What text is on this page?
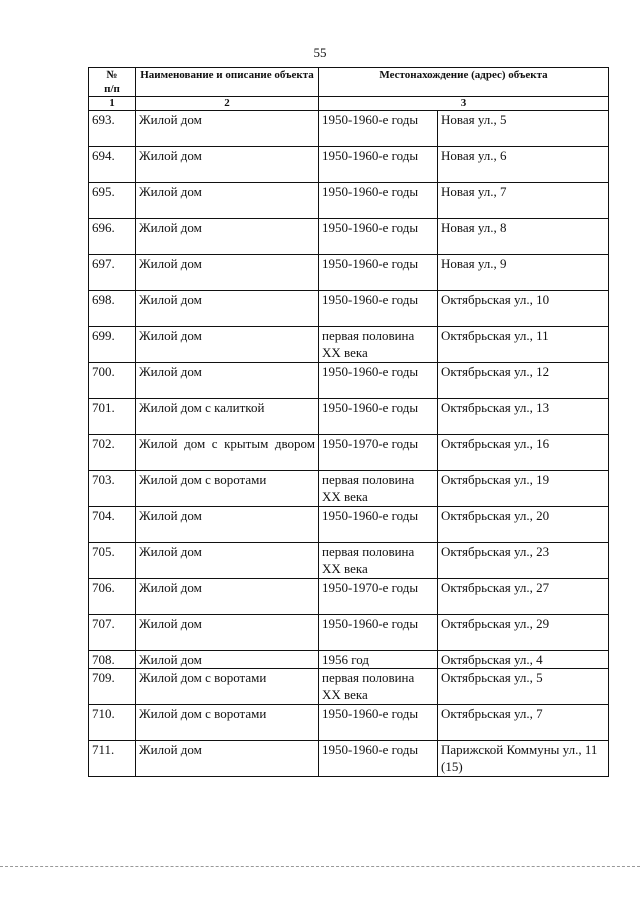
55
№
п/п	Наименование и описание объекта	Местонахождение (адрес) объекта	
1	2	3	
693.	Жилой дом	1950-1960-е годы	Новая ул., 5
694.	Жилой дом	1950-1960-е годы	Новая ул., 6
695.	Жилой дом	1950-1960-е годы	Новая ул., 7
696.	Жилой дом	1950-1960-е годы	Новая ул., 8
697.	Жилой дом	1950-1960-е годы	Новая ул., 9
698.	Жилой дом	1950-1960-е годы	Октябрьская ул., 10
699.	Жилой дом	первая половина XX века	Октябрьская ул., 11
700.	Жилой дом	1950-1960-е годы	Октябрьская ул., 12
701.	Жилой дом с калиткой	1950-1960-е годы	Октябрьская ул., 13
702.	Жилой дом с крытым двором	1950-1970-е годы	Октябрьская ул., 16
703.	Жилой дом с воротами	первая половина XX века	Октябрьская ул., 19
704.	Жилой дом	1950-1960-е годы	Октябрьская ул., 20
705.	Жилой дом	первая половина XX века	Октябрьская ул., 23
706.	Жилой дом	1950-1970-е годы	Октябрьская ул., 27
707.	Жилой дом	1950-1960-е годы	Октябрьская ул., 29
708.	Жилой дом	1956 год	Октябрьская ул., 4
709.	Жилой дом с воротами	первая половина XX века	Октябрьская ул., 5
710.	Жилой дом с воротами	1950-1960-е годы	Октябрьская ул., 7
711.	Жилой дом	1950-1960-е годы	Парижской Коммуны ул., 11 (15)
